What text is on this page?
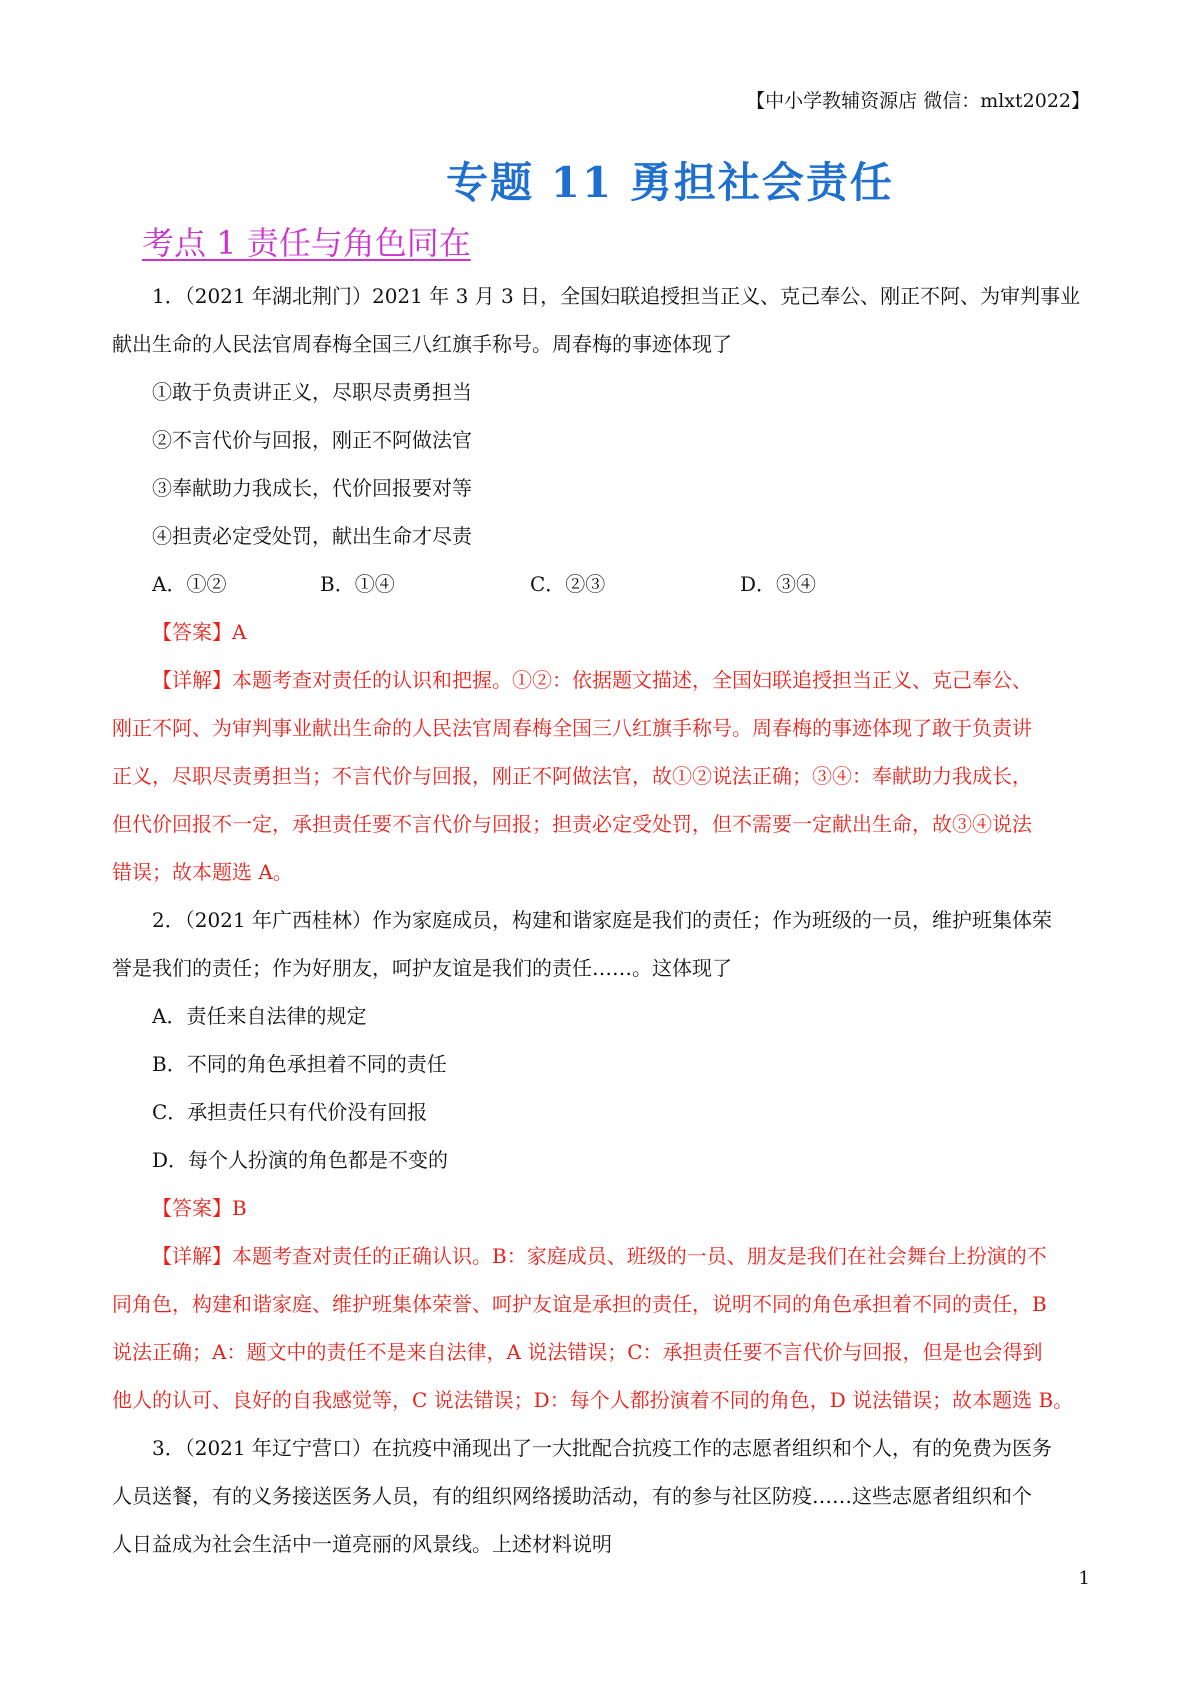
【中小学教辅资源店 微信：mlxt2022】
专题 11 勇担社会责任
考点 1 责任与角色同在

1．（2021 年湖北荆门）2021 年 3 月 3 日，全国妇联追授担当正义、克己奉公、刚正不阿、为审判事业

献出生命的人民法官周春梅全国三八红旗手称号。周春梅的事迹体现了

①敢于负责讲正义，尽职尽责勇担当

②不言代价与回报，刚正不阿做法官

③奉献助力我成长，代价回报要对等

④担责必定受处罚，献出生命才尽责

A．①②	B．①④	C．②③	D．③④

【答案】A

【详解】本题考查对责任的认识和把握。①②：依据题文描述，全国妇联追授担当正义、克己奉公、

刚正不阿、为审判事业献出生命的人民法官周春梅全国三八红旗手称号。周春梅的事迹体现了敢于负责讲

正义，尽职尽责勇担当；不言代价与回报，刚正不阿做法官，故①②说法正确；③④：奉献助力我成长，

但代价回报不一定，承担责任要不言代价与回报；担责必定受处罚，但不需要一定献出生命，故③④说法

错误；故本题选 A。

2．（2021 年广西桂林）作为家庭成员，构建和谐家庭是我们的责任；作为班级的一员，维护班集体荣

誉是我们的责任；作为好朋友，呵护友谊是我们的责任……。这体现了

A．责任来自法律的规定

B．不同的角色承担着不同的责任

C．承担责任只有代价没有回报

D．每个人扮演的角色都是不变的

【答案】B

【详解】本题考查对责任的正确认识。B：家庭成员、班级的一员、朋友是我们在社会舞台上扮演的不

同角色，构建和谐家庭、维护班集体荣誉、呵护友谊是承担的责任，说明不同的角色承担着不同的责任，B

说法正确；A：题文中的责任不是来自法律，A 说法错误；C：承担责任要不言代价与回报，但是也会得到

他人的认可、良好的自我感觉等，C 说法错误；D：每个人都扮演着不同的角色，D 说法错误；故本题选 B。

3．（2021 年辽宁营口）在抗疫中涌现出了一大批配合抗疫工作的志愿者组织和个人，有的免费为医务

人员送餐，有的义务接送医务人员，有的组织网络援助活动，有的参与社区防疫……这些志愿者组织和个

人日益成为社会生活中一道亮丽的风景线。上述材料说明

1
